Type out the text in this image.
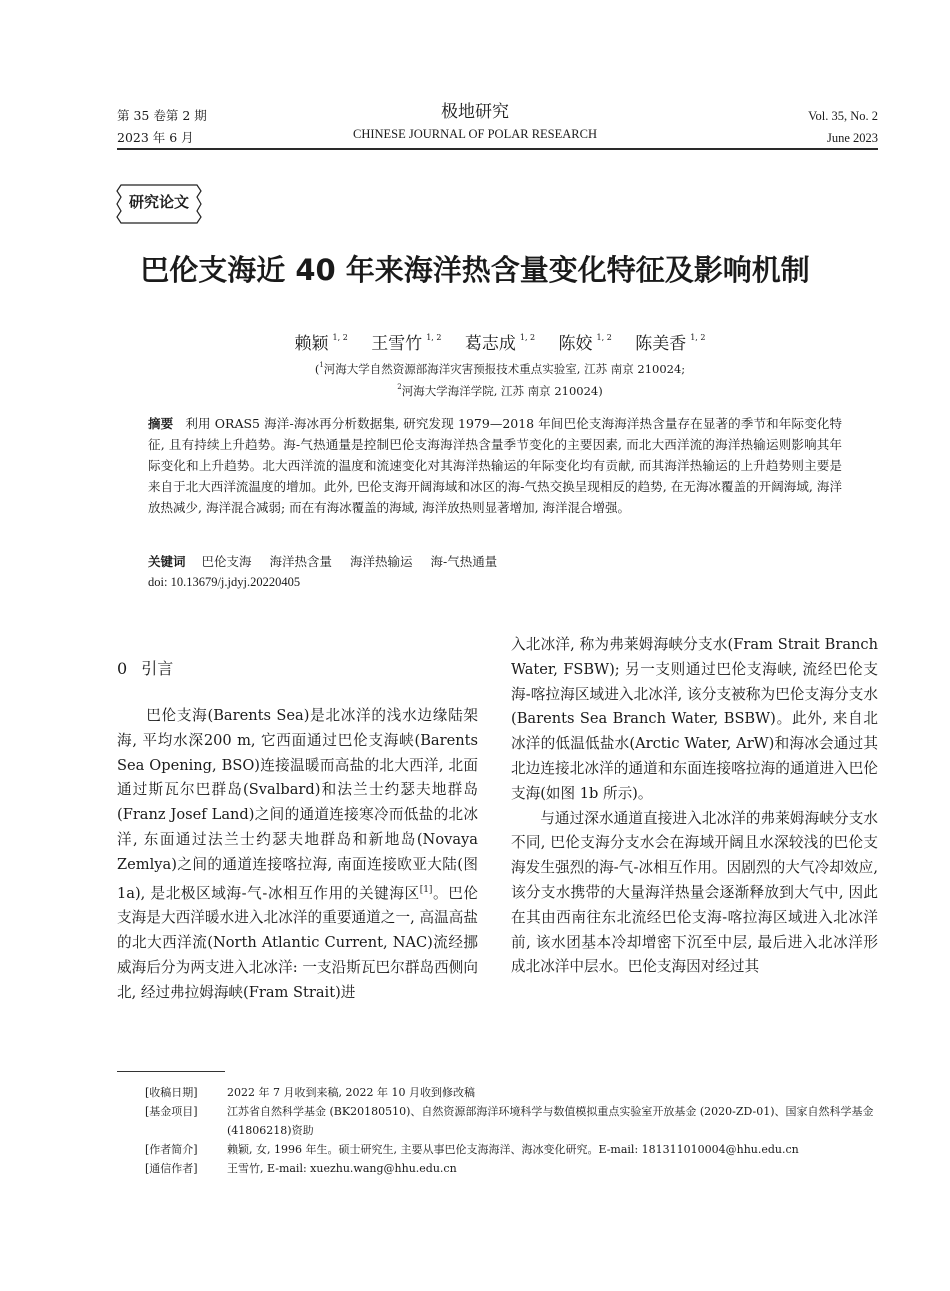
第 35 卷第 2 期
2023 年 6 月
极地研究
CHINESE JOURNAL OF POLAR RESEARCH
Vol. 35, No. 2
June 2023
研究论文
巴伦支海近 40 年来海洋热含量变化特征及影响机制
赖颖 $^{1, 2}$ 王雪竹 $^{1, 2}$ 葛志成 $^{1, 2}$ 陈姣 $^{1, 2}$ 陈美香 $^{1, 2}$
($^1$河海大学自然资源部海洋灾害预报技术重点实验室, 江苏 南京 210024;
$^2$河海大学海洋学院, 江苏 南京 210024)
摘要 利用 ORAS5 海洋-海冰再分析数据集, 研究发现 1979—2018 年间巴伦支海海洋热含量存在显著的季节和年际变化特征, 且有持续上升趋势。海-气热通量是控制巴伦支海海洋热含量季节变化的主要因素, 而北大西洋流的海洋热输运则影响其年际变化和上升趋势。北大西洋流的温度和流速变化对其海洋热输运的年际变化均有贡献, 而其海洋热输运的上升趋势则主要是来自于北大西洋流温度的增加。此外, 巴伦支海开阔海域和冰区的海-气热交换呈现相反的趋势, 在无海冰覆盖的开阔海域, 海洋放热减少, 海洋混合减弱; 而在有海冰覆盖的海域, 海洋放热则显著增加, 海洋混合增强。
关键词 巴伦支海 海洋热含量 海洋热输运 海-气热通量
doi: 10.13679/j.jdyj.20220405
0 引言

巴伦支海(Barents Sea)是北冰洋的浅水边缘陆架海, 平均水深200 m, 它西面通过巴伦支海峡(Barents Sea Opening, BSO)连接温暖而高盐的北大西洋, 北面通过斯瓦尔巴群岛(Svalbard)和法兰士约瑟夫地群岛(Franz Josef Land)之间的通道连接寒冷而低盐的北冰洋, 东面通过法兰士约瑟夫地群岛和新地岛(Novaya Zemlya)之间的通道连接喀拉海, 南面连接欧亚大陆(图1a), 是北极区域海-气-冰相互作用的关键海区[1]。巴伦支海是大西洋暖水进入北冰洋的重要通道之一, 高温高盐的北大西洋流(North Atlantic Current, NAC)流经挪威海后分为两支进入北冰洋: 一支沿斯瓦巴尔群岛西侧向北, 经过弗拉姆海峡(Fram Strait)进

入北冰洋, 称为弗莱姆海峡分支水(Fram Strait Branch Water, FSBW); 另一支则通过巴伦支海峡, 流经巴伦支海-喀拉海区域进入北冰洋, 该分支被称为巴伦支海分支水(Barents Sea Branch Water, BSBW)。此外, 来自北冰洋的低温低盐水(Arctic Water, ArW)和海冰会通过其北边连接北冰洋的通道和东面连接喀拉海的通道进入巴伦支海(如图 1b 所示)。

与通过深水通道直接进入北冰洋的弗莱姆海峡分支水不同, 巴伦支海分支水会在海域开阔且水深较浅的巴伦支海发生强烈的海-气-冰相互作用。因剧烈的大气冷却效应, 该分支水携带的大量海洋热量会逐渐释放到大气中, 因此在其由西南往东北流经巴伦支海-喀拉海区域进入北冰洋前, 该水团基本冷却增密下沉至中层, 最后进入北冰洋形成北冰洋中层水。巴伦支海因对经过其

[收稿日期]	2022 年 7 月收到来稿, 2022 年 10 月收到修改稿
[基金项目]	江苏省自然科学基金 (BK20180510)、自然资源部海洋环境科学与数值模拟重点实验室开放基金 (2020-ZD-01)、国家自然科学基金(41806218)资助
[作者简介]	赖颖, 女, 1996 年生。硕士研究生, 主要从事巴伦支海海洋、海冰变化研究。E-mail: 181311010004@hhu.edu.cn
[通信作者]	王雪竹, E-mail: xuezhu.wang@hhu.edu.cn
